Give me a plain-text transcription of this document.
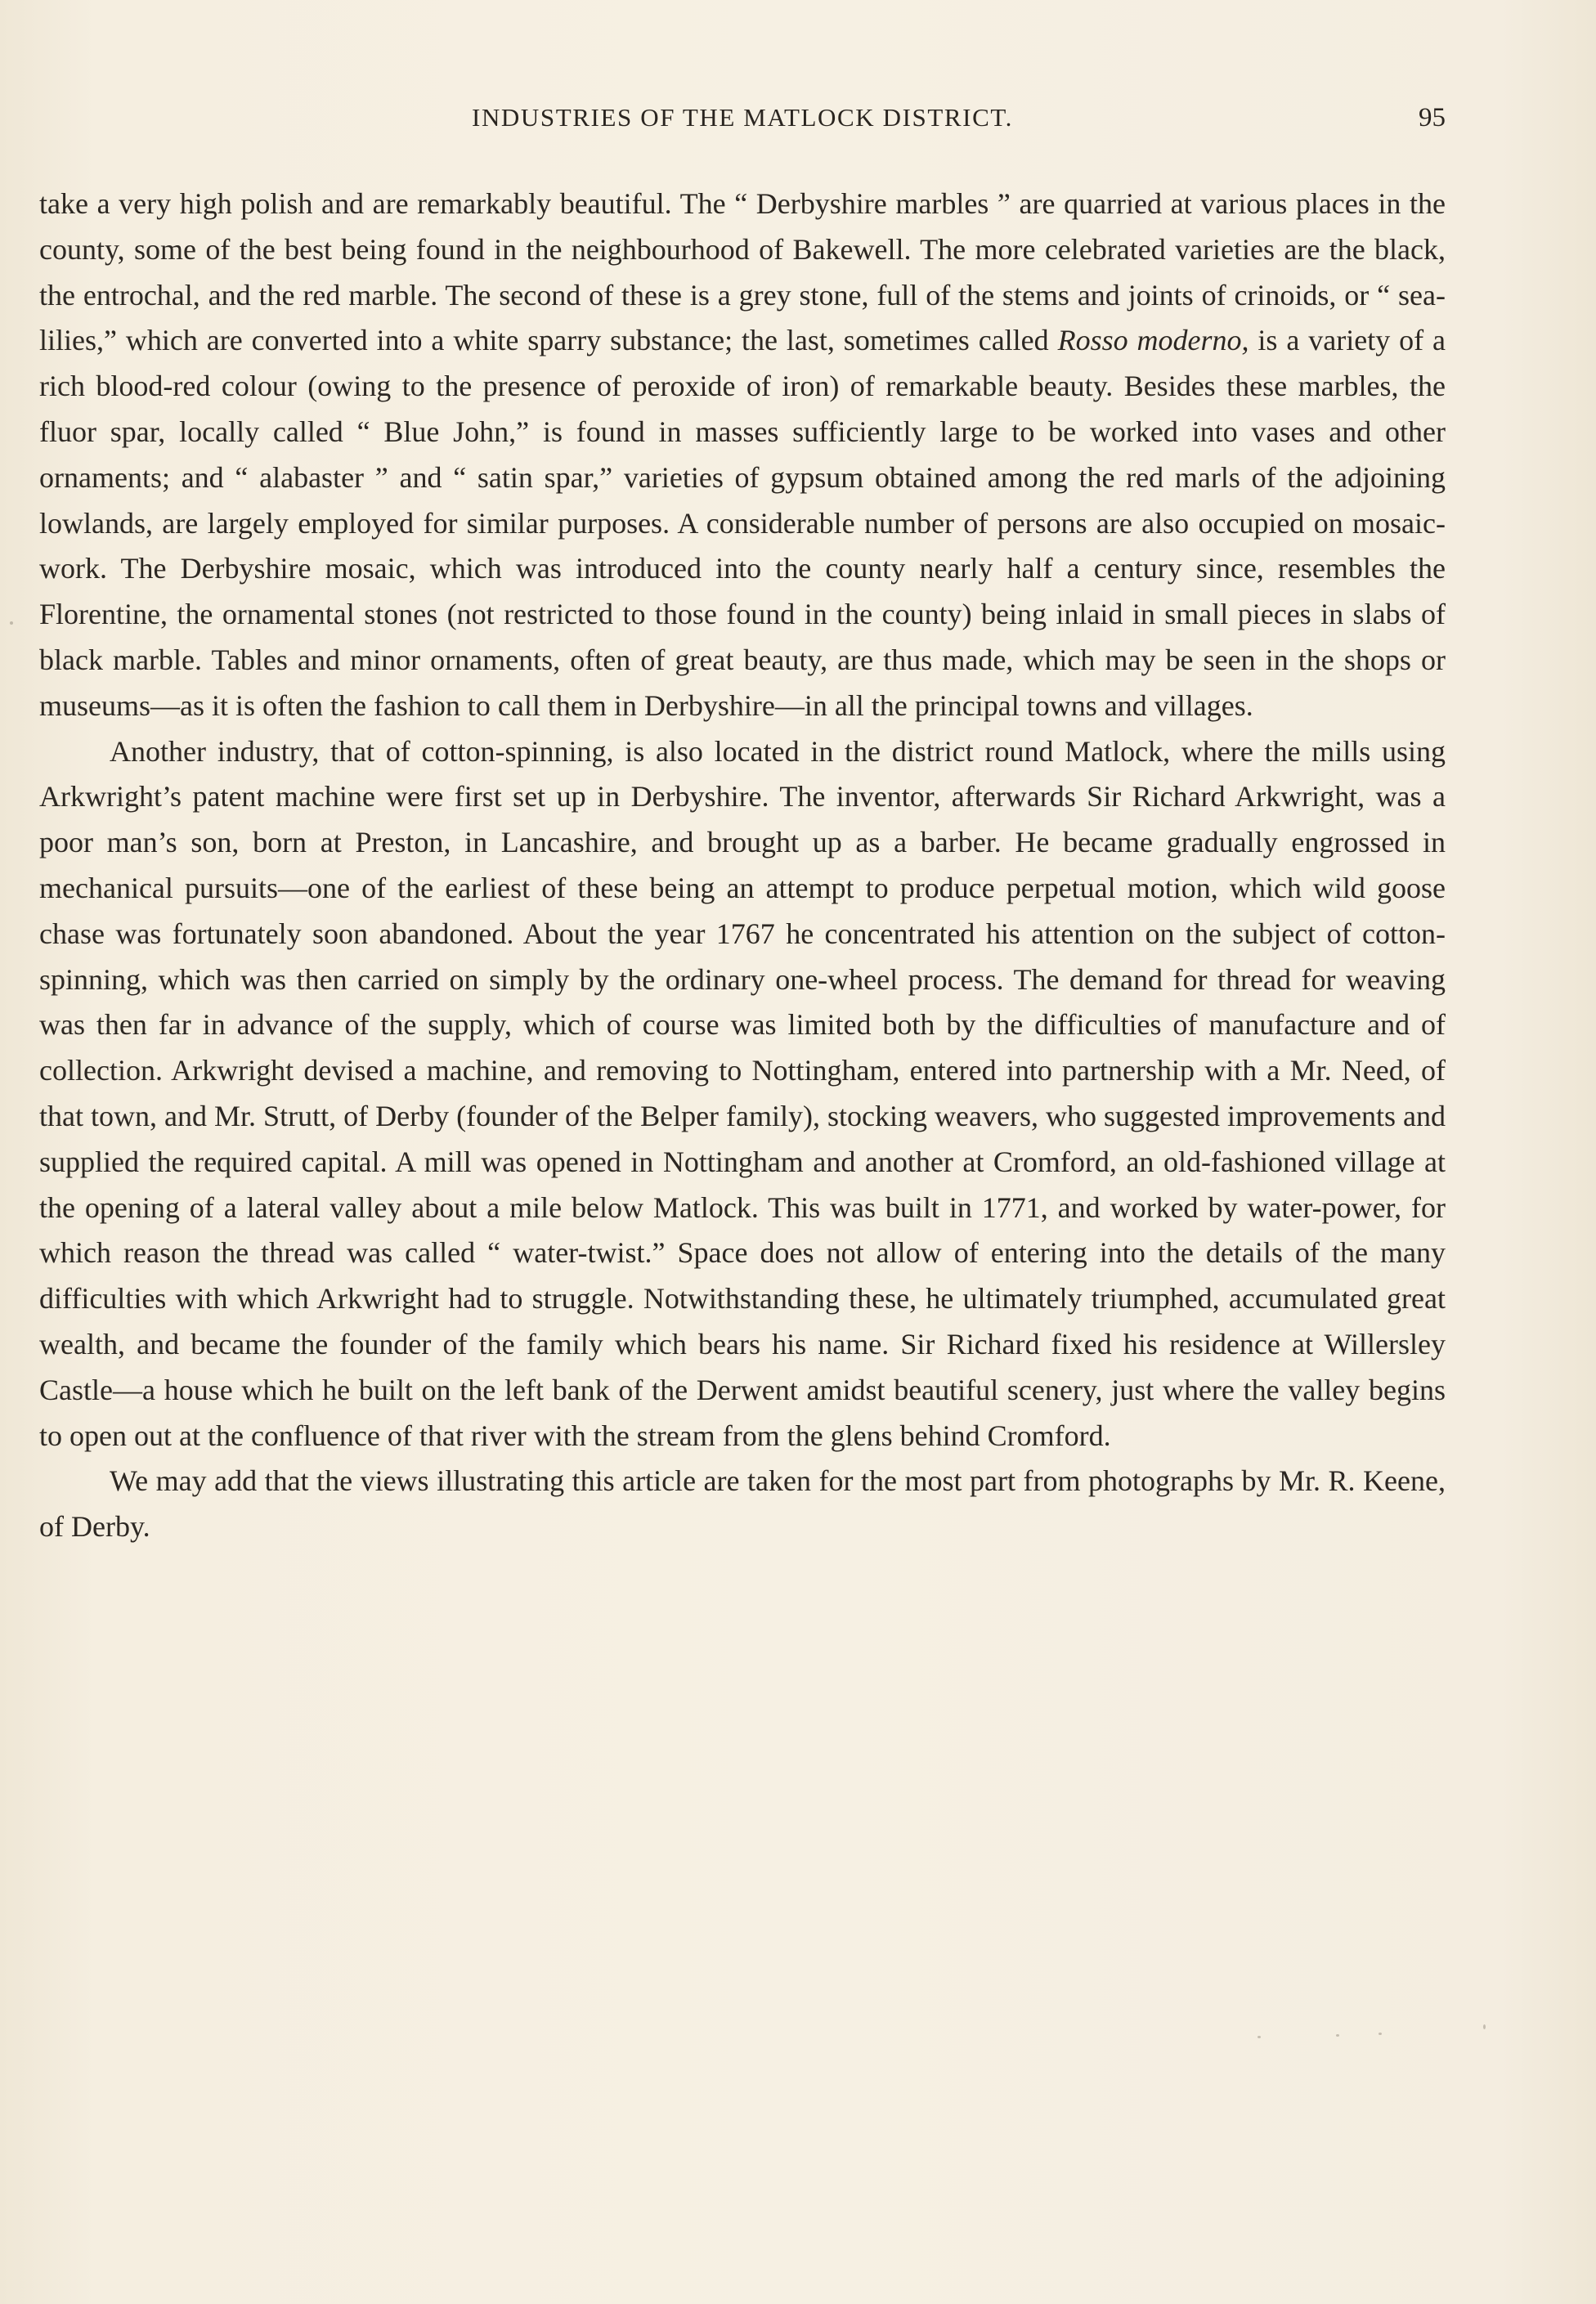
INDUSTRIES OF THE MATLOCK DISTRICT.	95

take a very high polish and are remarkably beautiful. The “ Derbyshire marbles ” are quarried at various places in the county, some of the best being found in the neighbourhood of Bakewell. The more celebrated varieties are the black, the entrochal, and the red marble. The second of these is a grey stone, full of the stems and joints of crinoids, or “ sea-lilies,” which are converted into a white sparry substance; the last, sometimes called Rosso moderno, is a variety of a rich blood-red colour (owing to the presence of peroxide of iron) of remarkable beauty. Besides these marbles, the fluor spar, locally called “ Blue John,” is found in masses sufficiently large to be worked into vases and other ornaments; and “ alabaster ” and “ satin spar,” varieties of gypsum obtained among the red marls of the adjoining lowlands, are largely employed for similar purposes. A considerable number of persons are also occupied on mosaic-work. The Derbyshire mosaic, which was introduced into the county nearly half a century since, resembles the Florentine, the ornamental stones (not restricted to those found in the county) being inlaid in small pieces in slabs of black marble. Tables and minor ornaments, often of great beauty, are thus made, which may be seen in the shops or museums—as it is often the fashion to call them in Derbyshire—in all the principal towns and villages.

Another industry, that of cotton-spinning, is also located in the district round Matlock, where the mills using Arkwright’s patent machine were first set up in Derbyshire. The inventor, afterwards Sir Richard Arkwright, was a poor man’s son, born at Preston, in Lancashire, and brought up as a barber. He became gradually engrossed in mechanical pursuits—one of the earliest of these being an attempt to produce perpetual motion, which wild goose chase was fortunately soon abandoned. About the year 1767 he concentrated his attention on the subject of cotton-spinning, which was then carried on simply by the ordinary one-wheel process. The demand for thread for weaving was then far in advance of the supply, which of course was limited both by the difficulties of manufacture and of collection. Arkwright devised a machine, and removing to Nottingham, entered into partnership with a Mr. Need, of that town, and Mr. Strutt, of Derby (founder of the Belper family), stocking weavers, who suggested improvements and supplied the required capital. A mill was opened in Nottingham and another at Cromford, an old-fashioned village at the opening of a lateral valley about a mile below Matlock. This was built in 1771, and worked by water-power, for which reason the thread was called “ water-twist.” Space does not allow of entering into the details of the many difficulties with which Arkwright had to struggle. Notwithstanding these, he ultimately triumphed, accumulated great wealth, and became the founder of the family which bears his name. Sir Richard fixed his residence at Willersley Castle—a house which he built on the left bank of the Derwent amidst beautiful scenery, just where the valley begins to open out at the confluence of that river with the stream from the glens behind Cromford.

We may add that the views illustrating this article are taken for the most part from photographs by Mr. R. Keene, of Derby.
